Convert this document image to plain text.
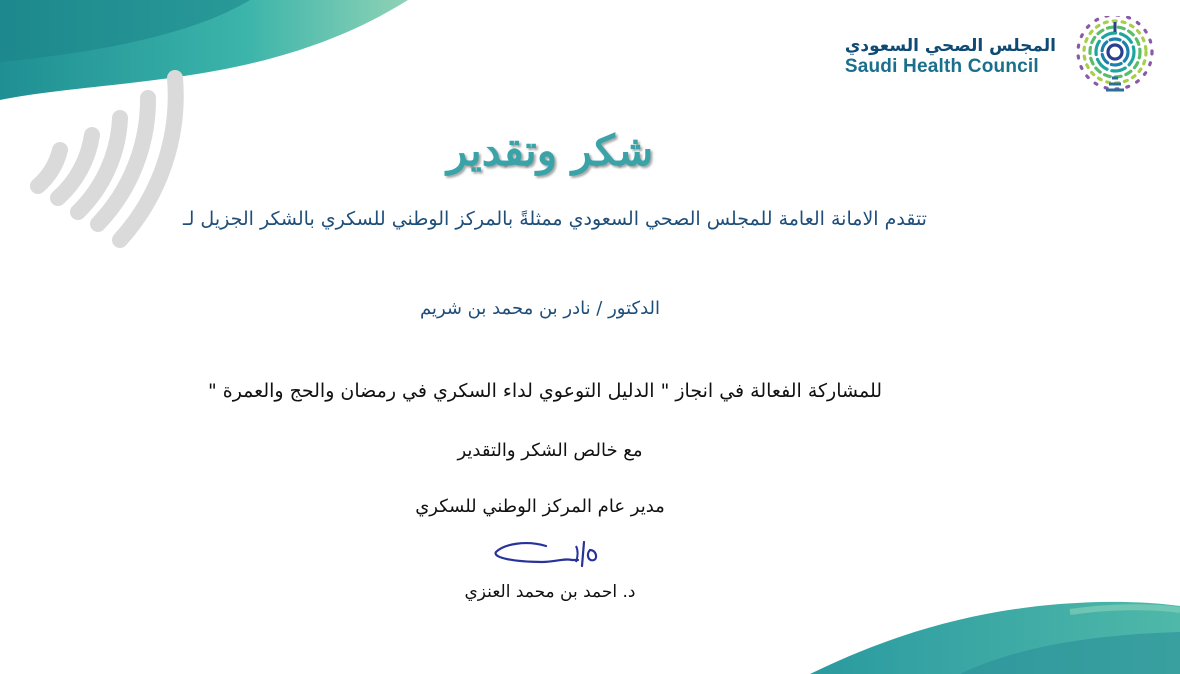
المجلس الصحي السعودي
Saudi Health Council
شكر وتقدير
تتقدم الامانة العامة للمجلس الصحي السعودي ممثلةً بالمركز الوطني للسكري بالشكر الجزيل لـ
الدكتور / نادر بن محمد بن شريم
للمشاركة الفعالة في انجاز " الدليل التوعوي لداء السكري في رمضان والحج والعمرة "
مع خالص الشكر والتقدير
مدير عام المركز الوطني للسكري
د. احمد بن محمد العنزي
